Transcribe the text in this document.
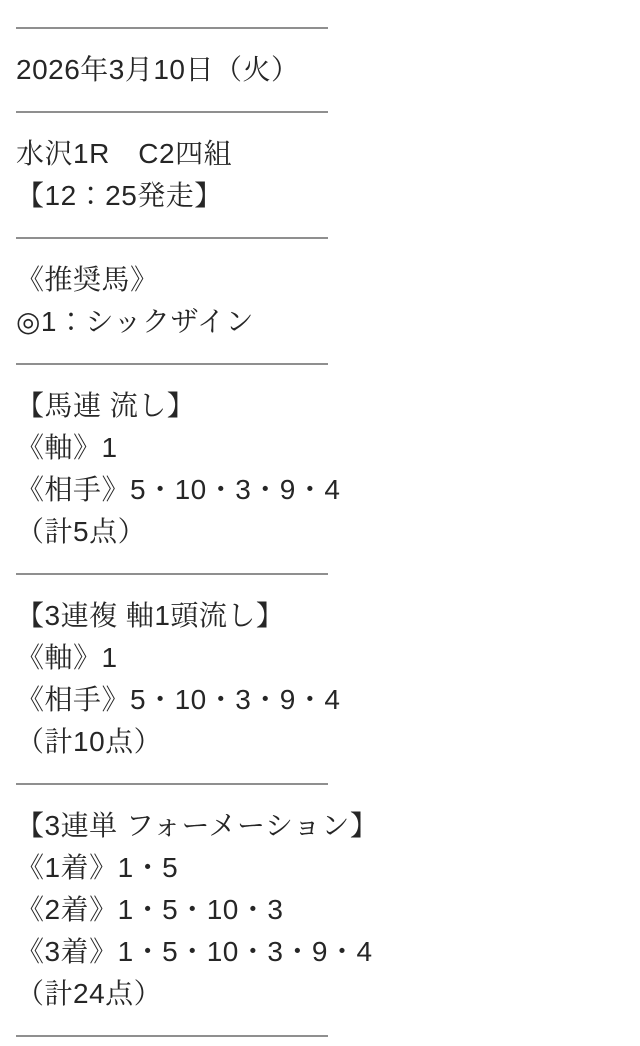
2026年3月10日（火）
水沢1R　C2四組
【12：25発走】
《推奨馬》
◎1：シックザイン
【馬連 流し】
《軸》1
《相手》5・10・3・9・4
（計5点）
【3連複 軸1頭流し】
《軸》1
《相手》5・10・3・9・4
（計10点）
【3連単 フォーメーション】
《1着》1・5
《2着》1・5・10・3
《3着》1・5・10・3・9・4
（計24点）
